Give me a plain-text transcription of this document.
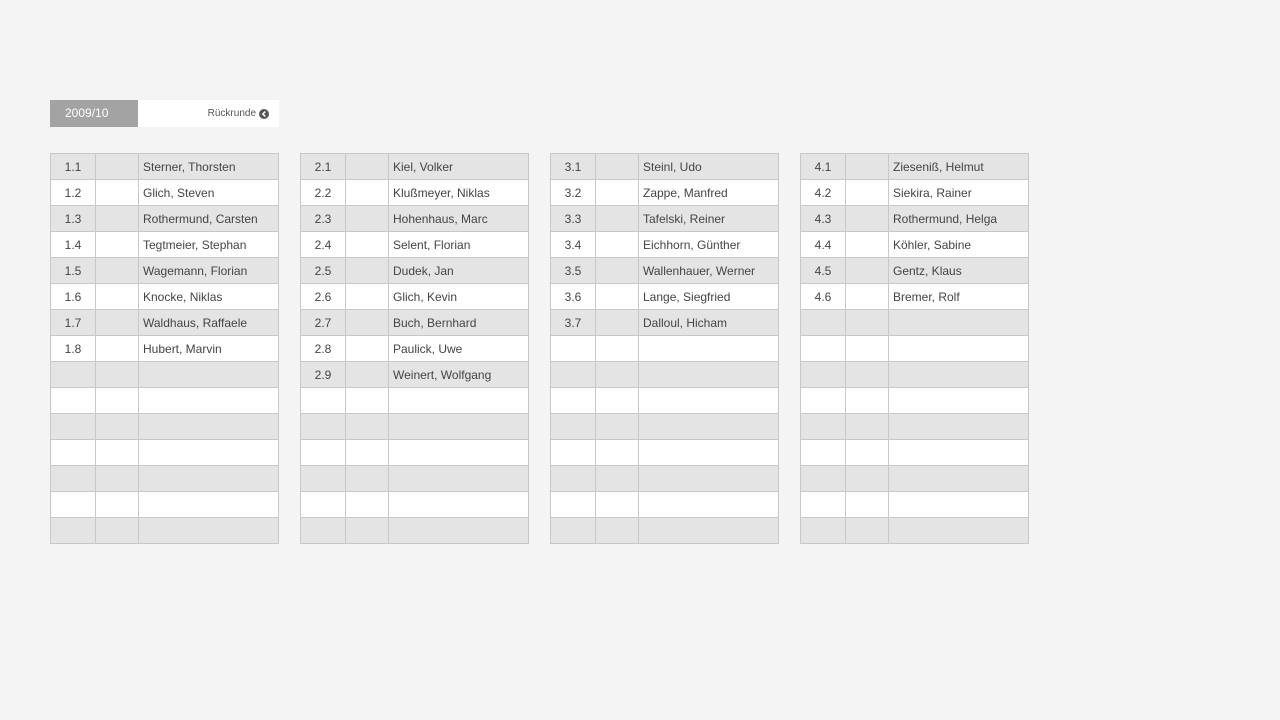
2009/10	Rückrunde
1.1		Sterner, Thorsten
1.2		Glich, Steven
1.3		Rothermund, Carsten
1.4		Tegtmeier, Stephan
1.5		Wagemann, Florian
1.6		Knocke, Niklas
1.7		Waldhaus, Raffaele
1.8		Hubert, Marvin

2.1		Kiel, Volker
2.2		Klußmeyer, Niklas
2.3		Hohenhaus, Marc
2.4		Selent, Florian
2.5		Dudek, Jan
2.6		Glich, Kevin
2.7		Buch, Bernhard
2.8		Paulick, Uwe
2.9		Weinert, Wolfgang

3.1		Steinl, Udo
3.2		Zappe, Manfred
3.3		Tafelski, Reiner
3.4		Eichhorn, Günther
3.5		Wallenhauer, Werner
3.6		Lange, Siegfried
3.7		Dalloul, Hicham

4.1		Zieseniß, Helmut
4.2		Siekira, Rainer
4.3		Rothermund, Helga
4.4		Köhler, Sabine
4.5		Gentz, Klaus
4.6		Bremer, Rolf
